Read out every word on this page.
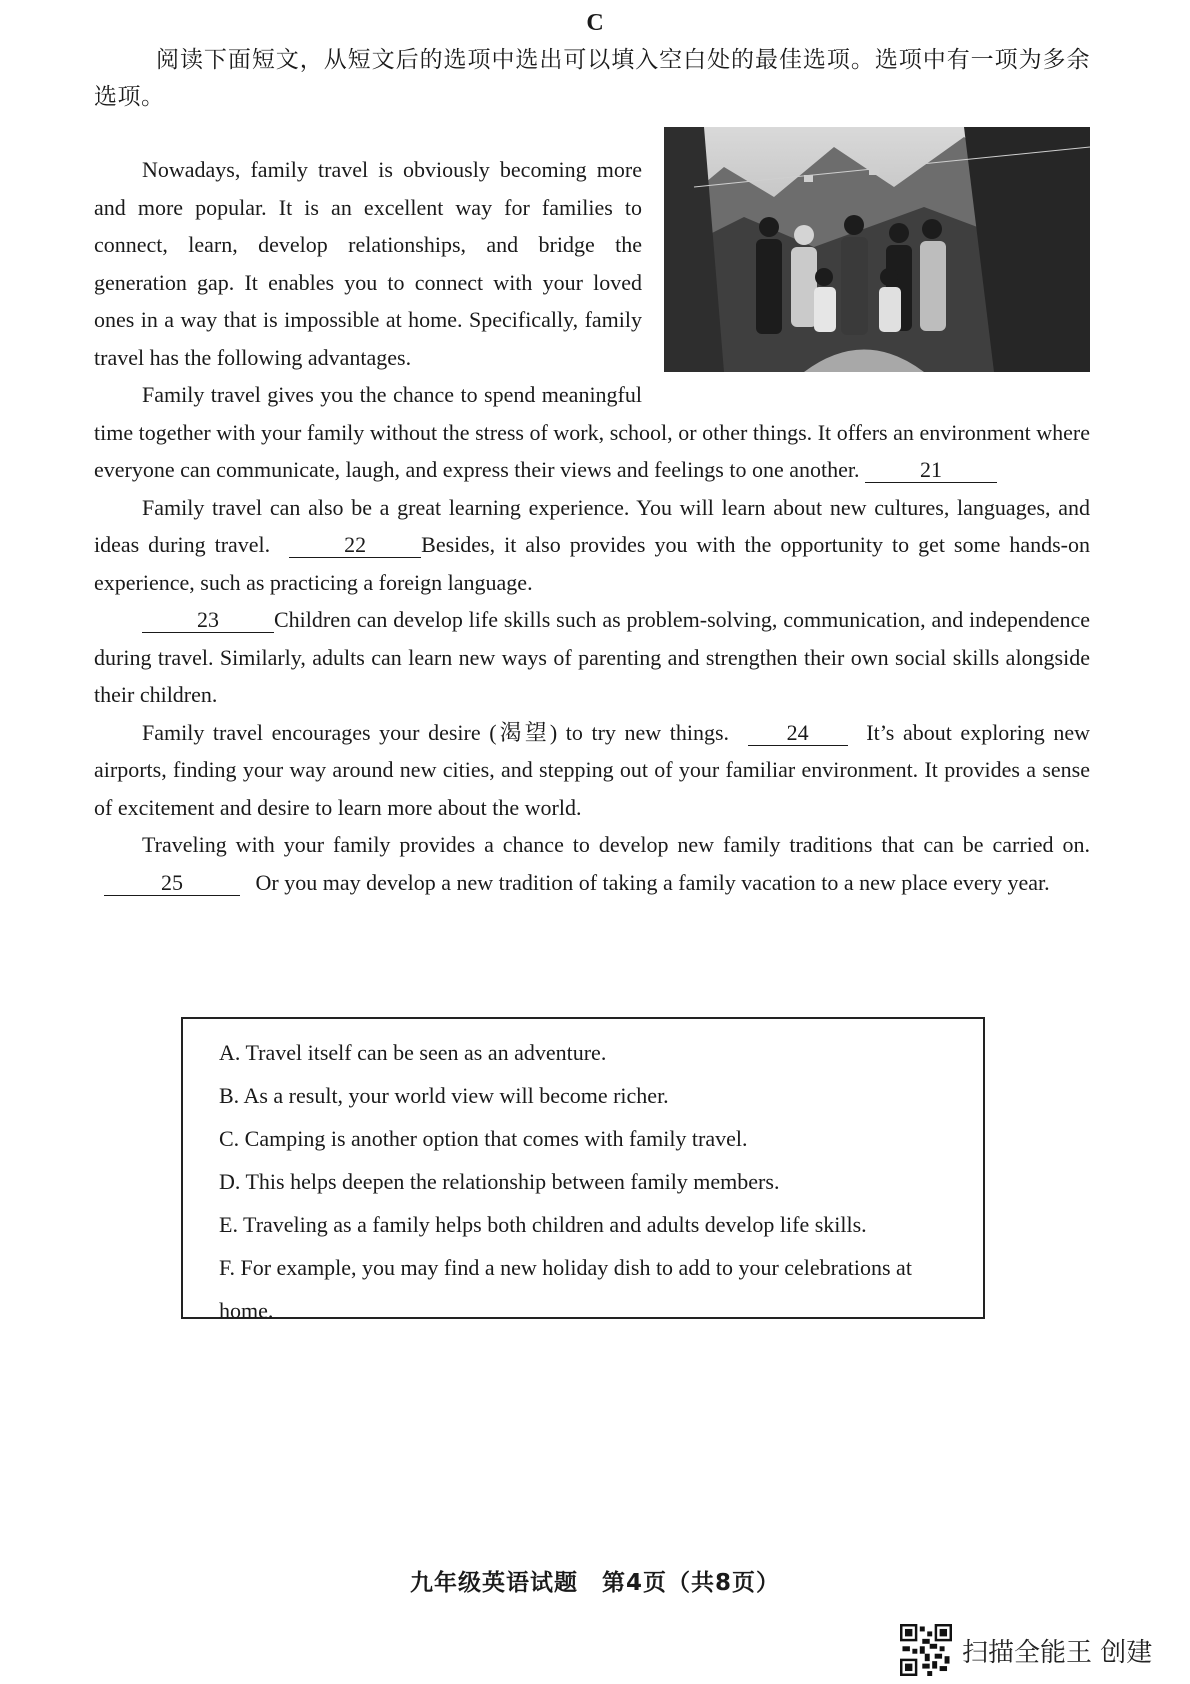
C
阅读下面短文，从短文后的选项中选出可以填入空白处的最佳选项。选项中有一项为多余选项。

Nowadays, family travel is obviously becoming more and more popular. It is an excellent way for families to connect, learn, develop relationships, and bridge the generation gap. It enables you to connect with your loved ones in a way that is impossible at home. Specifically, family travel has the following advantages.

Family travel gives you the chance to spend meaningful time together with your family without the stress of work, school, or other things. It offers an environment where everyone can communicate, laugh, and express their views and feelings to one another.	21

Family travel can also be a great learning experience. You will learn about new cultures, languages, and ideas during travel.	22	Besides, it also provides you with the opportunity to get some hands-on experience, such as practicing a foreign language.

23	Children can develop life skills such as problem-solving, communication, and independence during travel. Similarly, adults can learn new ways of parenting and strengthen their own social skills alongside their children.

Family travel encourages your desire (渴望) to try new things.	24	It’s about exploring new airports, finding your way around new cities, and stepping out of your familiar environment. It provides a sense of excitement and desire to learn more about the world.

Traveling with your family provides a chance to develop new family traditions that can be carried on. 25	Or you may develop a new tradition of taking a family vacation to a new place every year.

A. Travel itself can be seen as an adventure.
B. As a result, your world view will become richer.
C. Camping is another option that comes with family travel.
D. This helps deepen the relationship between family members.
E. Traveling as a family helps both children and adults develop life skills.
F. For example, you may find a new holiday dish to add to your celebrations at home.
九年级英语试题　第4页（共8页）
扫描全能王 创建
